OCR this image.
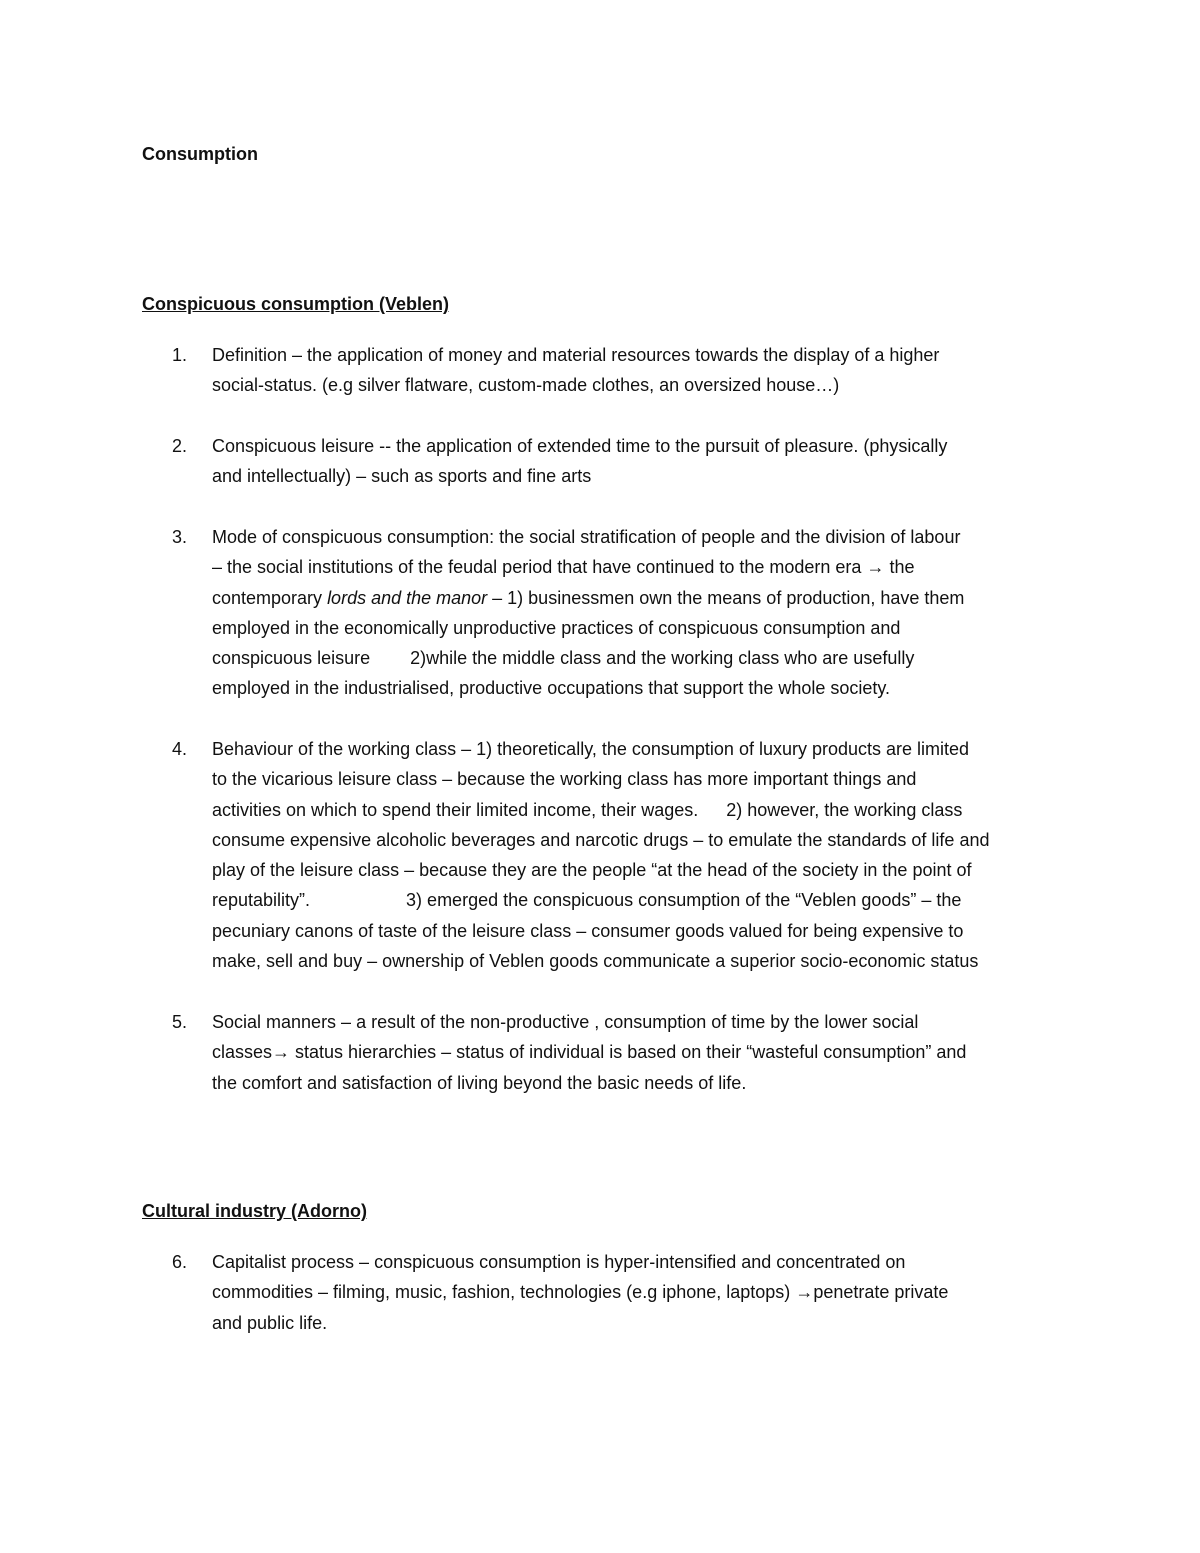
Consumption
Conspicuous consumption (Veblen)
1.	Definition – the application of money and material resources towards the display of a higher
social-status. (e.g silver flatware, custom-made clothes, an oversized house…)
2.	Conspicuous leisure -- the application of extended time to the pursuit of pleasure. (physically
and intellectually) – such as sports and fine arts
3.	Mode of conspicuous consumption: the social stratification of people and the division of labour
– the social institutions of the feudal period that have continued to the modern era → the
contemporary lords and the manor – 1) businessmen own the means of production, have them
employed in the economically unproductive practices of conspicuous consumption and
conspicuous leisure 2)while the middle class and the working class who are usefully
employed in the industrialised, productive occupations that support the whole society.
4.	Behaviour of the working class – 1) theoretically, the consumption of luxury products are limited
to the vicarious leisure class – because the working class has more important things and
activities on which to spend their limited income, their wages. 2) however, the working class
consume expensive alcoholic beverages and narcotic drugs – to emulate the standards of life and
play of the leisure class – because they are the people “at the head of the society in the point of
reputability”.	3) emerged the conspicuous consumption of the “Veblen goods” – the
pecuniary canons of taste of the leisure class – consumer goods valued for being expensive to
make, sell and buy – ownership of Veblen goods communicate a superior socio-economic status
5.	Social manners – a result of the non-productive , consumption of time by the lower social
classes→ status hierarchies – status of individual is based on their “wasteful consumption” and
the comfort and satisfaction of living beyond the basic needs of life.
Cultural industry (Adorno)
6.	Capitalist process – conspicuous consumption is hyper-intensified and concentrated on
commodities – filming, music, fashion, technologies (e.g iphone, laptops) →penetrate private
and public life.
